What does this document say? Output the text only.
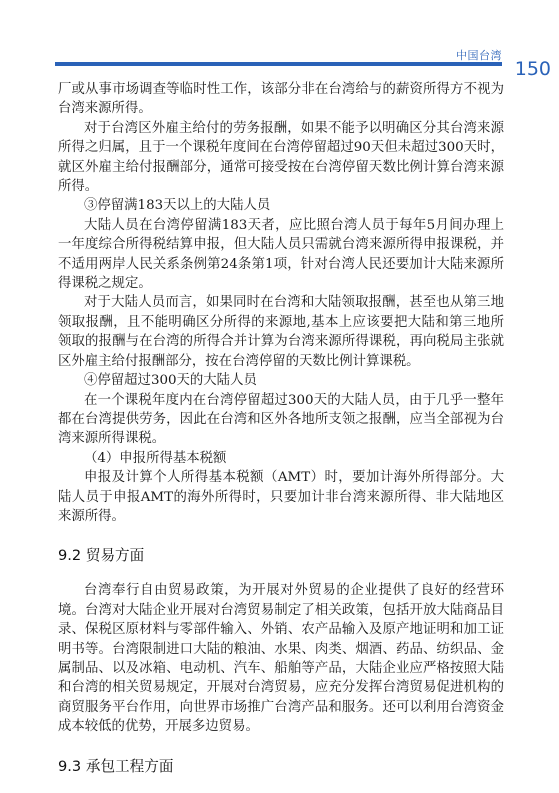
中国台湾
150

厂或从事市场调查等临时性工作，该部分非在台湾给与的薪资所得方不视为台湾来源所得。

对于台湾区外雇主给付的劳务报酬，如果不能予以明确区分其台湾来源所得之归属，且于一个课税年度间在台湾停留超过90天但未超过300天时，就区外雇主给付报酬部分，通常可接受按在台湾停留天数比例计算台湾来源所得。

③停留满183天以上的大陆人员

大陆人员在台湾停留满183天者，应比照台湾人员于每年5月间办理上一年度综合所得税结算申报，但大陆人员只需就台湾来源所得申报课税，并不适用两岸人民关系条例第24条第1项，针对台湾人民还要加计大陆来源所得课税之规定。

对于大陆人员而言，如果同时在台湾和大陆领取报酬，甚至也从第三地领取报酬，且不能明确区分所得的来源地,基本上应该要把大陆和第三地所领取的报酬与在台湾的所得合并计算为台湾来源所得课税，再向税局主张就区外雇主给付报酬部分，按在台湾停留的天数比例计算课税。

④停留超过300天的大陆人员

在一个课税年度内在台湾停留超过300天的大陆人员，由于几乎一整年都在台湾提供劳务，因此在台湾和区外各地所支领之报酬，应当全部视为台湾来源所得课税。

（4）申报所得基本税额

申报及计算个人所得基本税额（AMT）时，要加计海外所得部分。大陆人员于申报AMT的海外所得时，只要加计非台湾来源所得、非大陆地区来源所得。

9.2 贸易方面

台湾奉行自由贸易政策，为开展对外贸易的企业提供了良好的经营环境。台湾对大陆企业开展对台湾贸易制定了相关政策，包括开放大陆商品目录、保税区原材料与零部件输入、外销、农产品输入及原产地证明和加工证明书等。台湾限制进口大陆的粮油、水果、肉类、烟酒、药品、纺织品、金属制品、以及冰箱、电动机、汽车、船舶等产品，大陆企业应严格按照大陆和台湾的相关贸易规定，开展对台湾贸易，应充分发挥台湾贸易促进机构的商贸服务平台作用，向世界市场推广台湾产品和服务。还可以利用台湾资金成本较低的优势，开展多边贸易。

9.3 承包工程方面
